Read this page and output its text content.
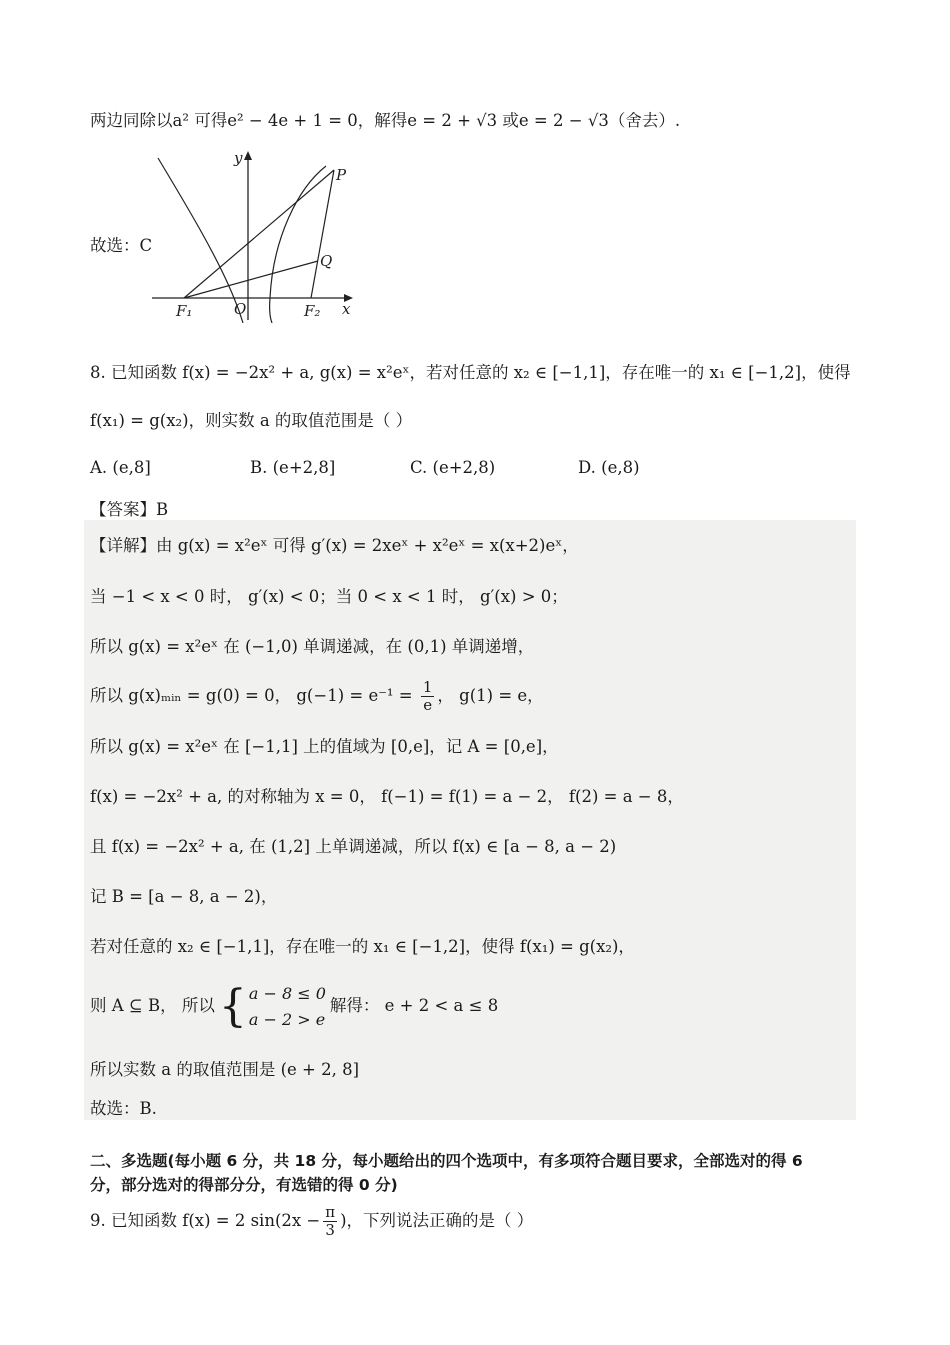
两边同除以a² 可得e² − 4e + 1 = 0，解得e = 2 + √3 或e = 2 − √3（舍去）.
y
x
P
Q
F₁	O	F₂
故选：C
8. 已知函数 f(x) = −2x² + a, g(x) = x²eˣ，若对任意的 x₂ ∈ [−1,1]，存在唯一的 x₁ ∈ [−1,2]，使得
f(x₁) = g(x₂)，则实数 a 的取值范围是（ ）
A. (e,8]	B. (e+2,8]	C. (e+2,8)	D. (e,8)
【答案】B
【详解】由 g(x) = x²eˣ 可得 g′(x) = 2xeˣ + x²eˣ = x(x+2)eˣ，
当 −1 < x < 0 时， g′(x) < 0；当 0 < x < 1 时， g′(x) > 0；
所以 g(x) = x²eˣ 在 (−1,0) 单调递减，在 (0,1) 单调递增，
所以 g(x)ₘᵢₙ = g(0) = 0， $g(-1) = e^{-1} = \frac{1}{e}$ ， g(1) = e，
所以 g(x) = x²eˣ 在 [−1,1] 上的值域为 [0,e]，记 A = [0,e]，
f(x) = −2x² + a, 的对称轴为 x = 0， f(−1) = f(1) = a − 2， f(2) = a − 8，
且 f(x) = −2x² + a, 在 (1,2] 上单调递减，所以 f(x) ∈ [a − 8, a − 2)
记 B = [a − 8, a − 2)，
若对任意的 x₂ ∈ [−1,1]，存在唯一的 x₁ ∈ [−1,2]，使得 f(x₁) = g(x₂)，
则 A ⊆ B， 所以{ a − 8 ≤ 0
a − 2 > e
解得： e + 2 < a ≤ 8
所以实数 a 的取值范围是 (e + 2, 8]
故选：B.
二、多选题(每小题 6 分，共 18 分，每小题给出的四个选项中，有多项符合题目要求，全部选对的得 6
分，部分选对的得部分分，有选错的得 0 分)
9. 已知函数 f(x) = 2 $\sin(2x - \frac{\pi}{3}$ )，下列说法正确的是（ ）
